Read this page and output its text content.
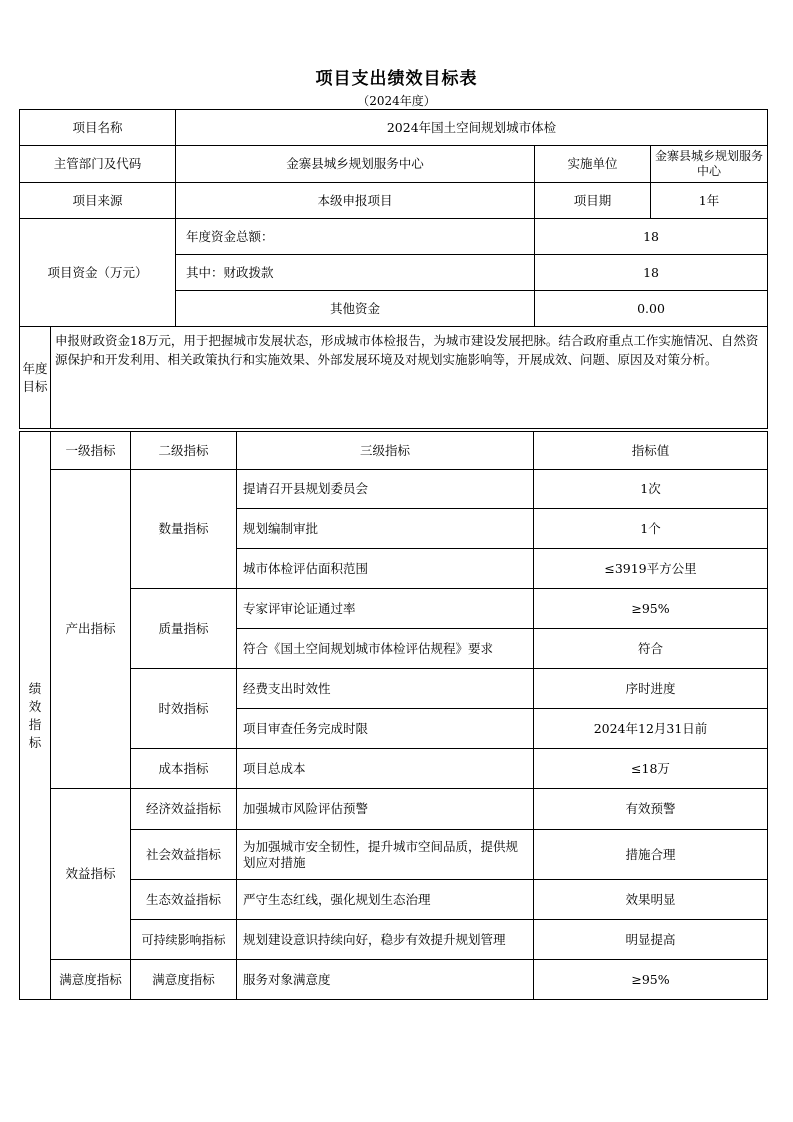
项目支出绩效目标表
（2024年度）
项目名称		2024年国土空间规划城市体检		
主管部门及代码		金寨县城乡规划服务中心	实施单位	金寨县城乡规划服务中心
项目来源		本级申报项目	项目期	1年
项目资金（万元）		年度资金总额：	18	
		其中：财政拨款	18	
		其他资金	0.00	
年度目标	申报财政资金18万元，用于把握城市发展状态，形成城市体检报告，为城市建设发展把脉。结合政府重点工作实施情况、自然资源保护和开发利用、相关政策执行和实施效果、外部发展环境及对规划实施影响等，开展成效、问题、原因及对策分析。			
绩效指标	一级指标	二级指标	三级指标	指标值
	产出指标	数量指标	提请召开县规划委员会	1次
			规划编制审批	1个
			城市体检评估面积范围	≤3919平方公里
		质量指标	专家评审论证通过率	≥95%
			符合《国土空间规划城市体检评估规程》要求	符合
		时效指标	经费支出时效性	序时进度
			项目审查任务完成时限	2024年12月31日前
		成本指标	项目总成本	≤18万
	效益指标	经济效益指标	加强城市风险评估预警	有效预警
		社会效益指标	为加强城市安全韧性，提升城市空间品质，提供规划应对措施	措施合理
		生态效益指标	严守生态红线，强化规划生态治理	效果明显
		可持续影响指标	规划建设意识持续向好，稳步有效提升规划管理	明显提高
	满意度指标	满意度指标	服务对象满意度	≥95%
